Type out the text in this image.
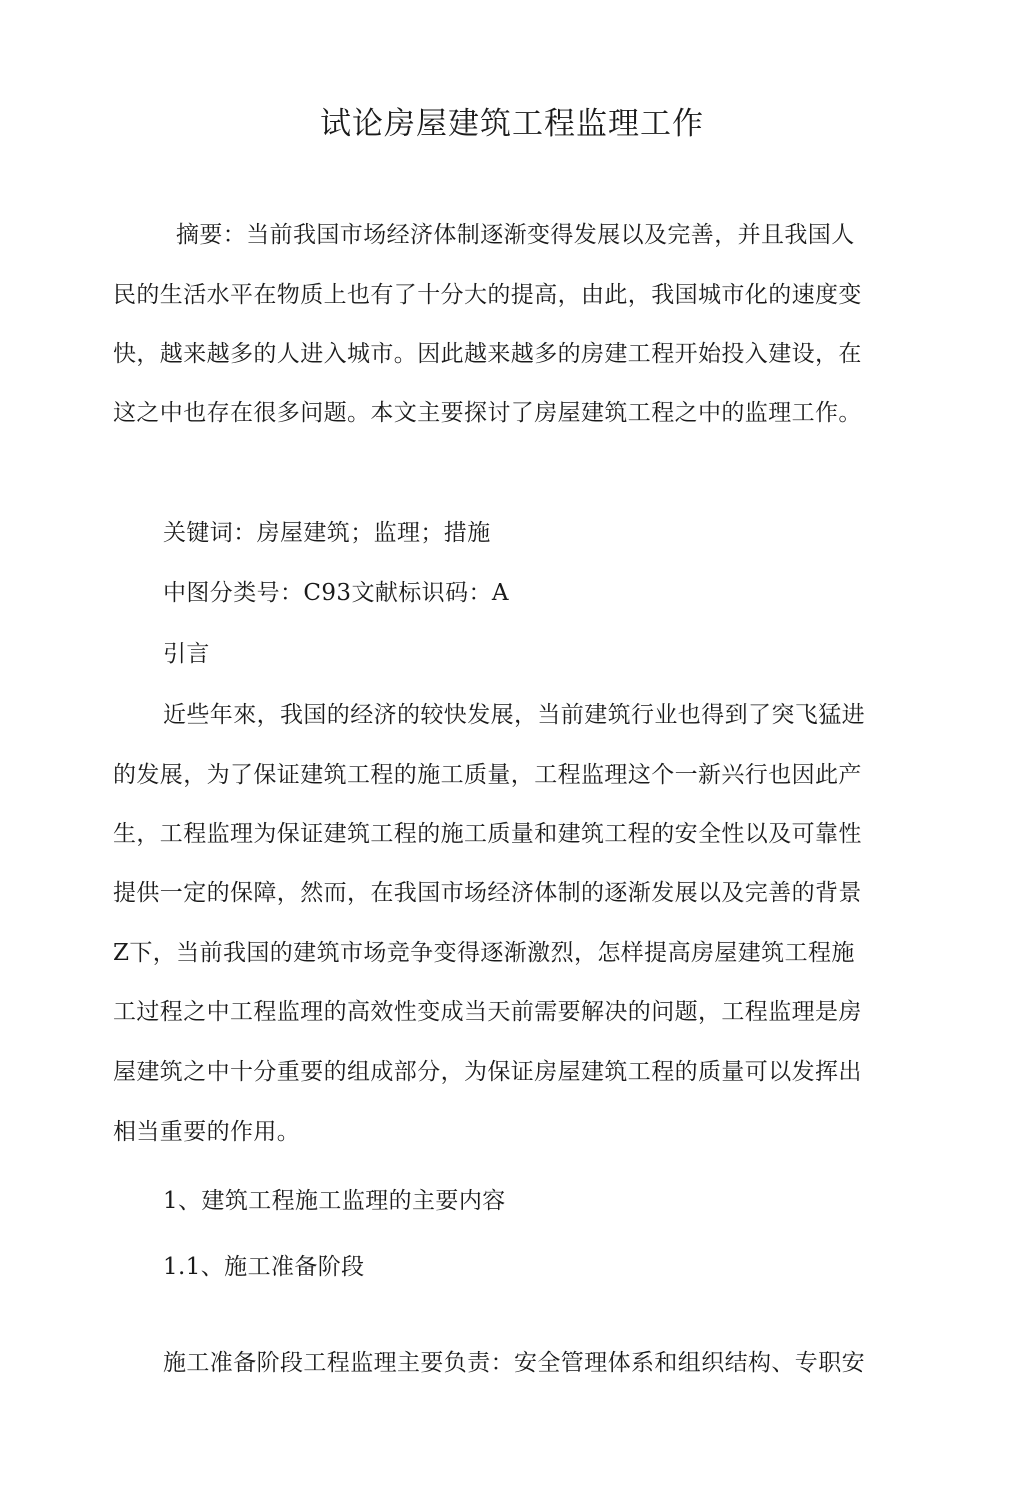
试论房屋建筑工程监理工作
摘要：当前我国市场经济体制逐渐变得发展以及完善，并且我国人
民的生活水平在物质上也有了十分大的提高，由此，我国城市化的速度变
快，越来越多的人进入城市。因此越来越多的房建工程开始投入建设，在
这之中也存在很多问题。本文主要探讨了房屋建筑工程之中的监理工作。
关键词：房屋建筑；监理；措施
中图分类号：C93文献标识码：A
引言
近些年來，我国的经济的较快发展，当前建筑行业也得到了突飞猛进
的发展，为了保证建筑工程的施工质量，工程监理这个一新兴行也因此产
生，工程监理为保证建筑工程的施工质量和建筑工程的安全性以及可靠性
提供一定的保障，然而，在我国市场经济体制的逐渐发展以及完善的背景
Z下，当前我国的建筑市场竞争变得逐渐激烈，怎样提高房屋建筑工程施
工过程之中工程监理的高效性变成当天前需要解决的问题，工程监理是房
屋建筑之中十分重要的组成部分，为保证房屋建筑工程的质量可以发挥出
相当重要的作用。
1、建筑工程施工监理的主要内容
1.1、施工准备阶段
施工准备阶段工程监理主要负责：安全管理体系和组织结构、专职安
